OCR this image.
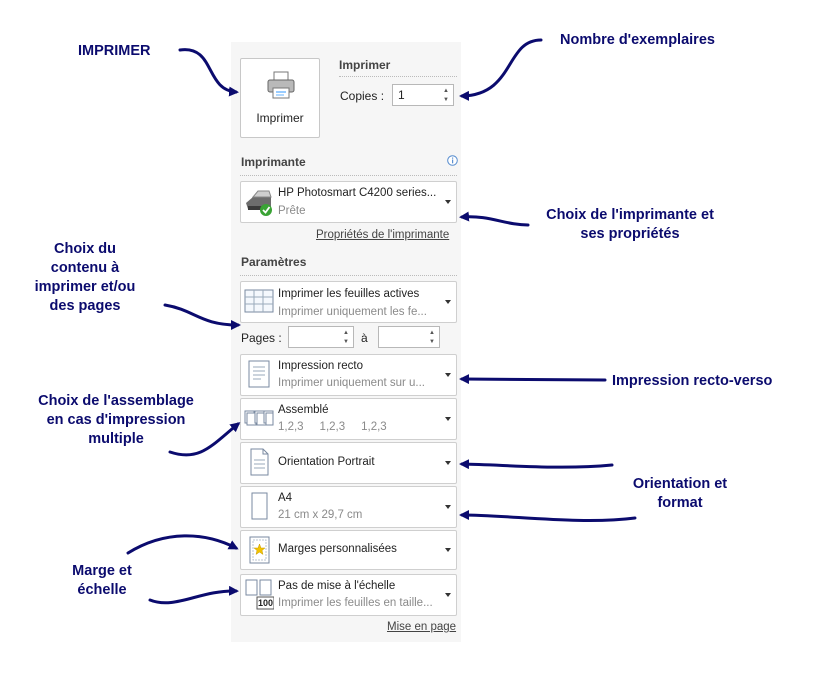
Imprimer
Imprimer
Copies : 1	▲
▼
Imprimante
HP Photosmart C4200 series...
Prête
Propriétés de l'imprimante
Paramètres
Imprimer les feuilles actives
Imprimer uniquement les fe...
Pages :	▲
▼ à	▲
▼
Impression recto
Imprimer uniquement sur u...
Assemblé
1,2,3     1,2,3     1,2,3
Orientation Portrait
A4
21 cm x 29,7 cm
Marges personnalisées
100
Pas de mise à l'échelle
Imprimer les feuilles en taille...
Mise en page
IMPRIMER
Nombre d'exemplaires
Choix de l'imprimante et
ses propriétés
Choix du
contenu à
imprimer et/ou
des pages
Impression recto-verso
Choix de l'assemblage
en cas d'impression
multiple
Orientation et
format
Marge et
échelle
